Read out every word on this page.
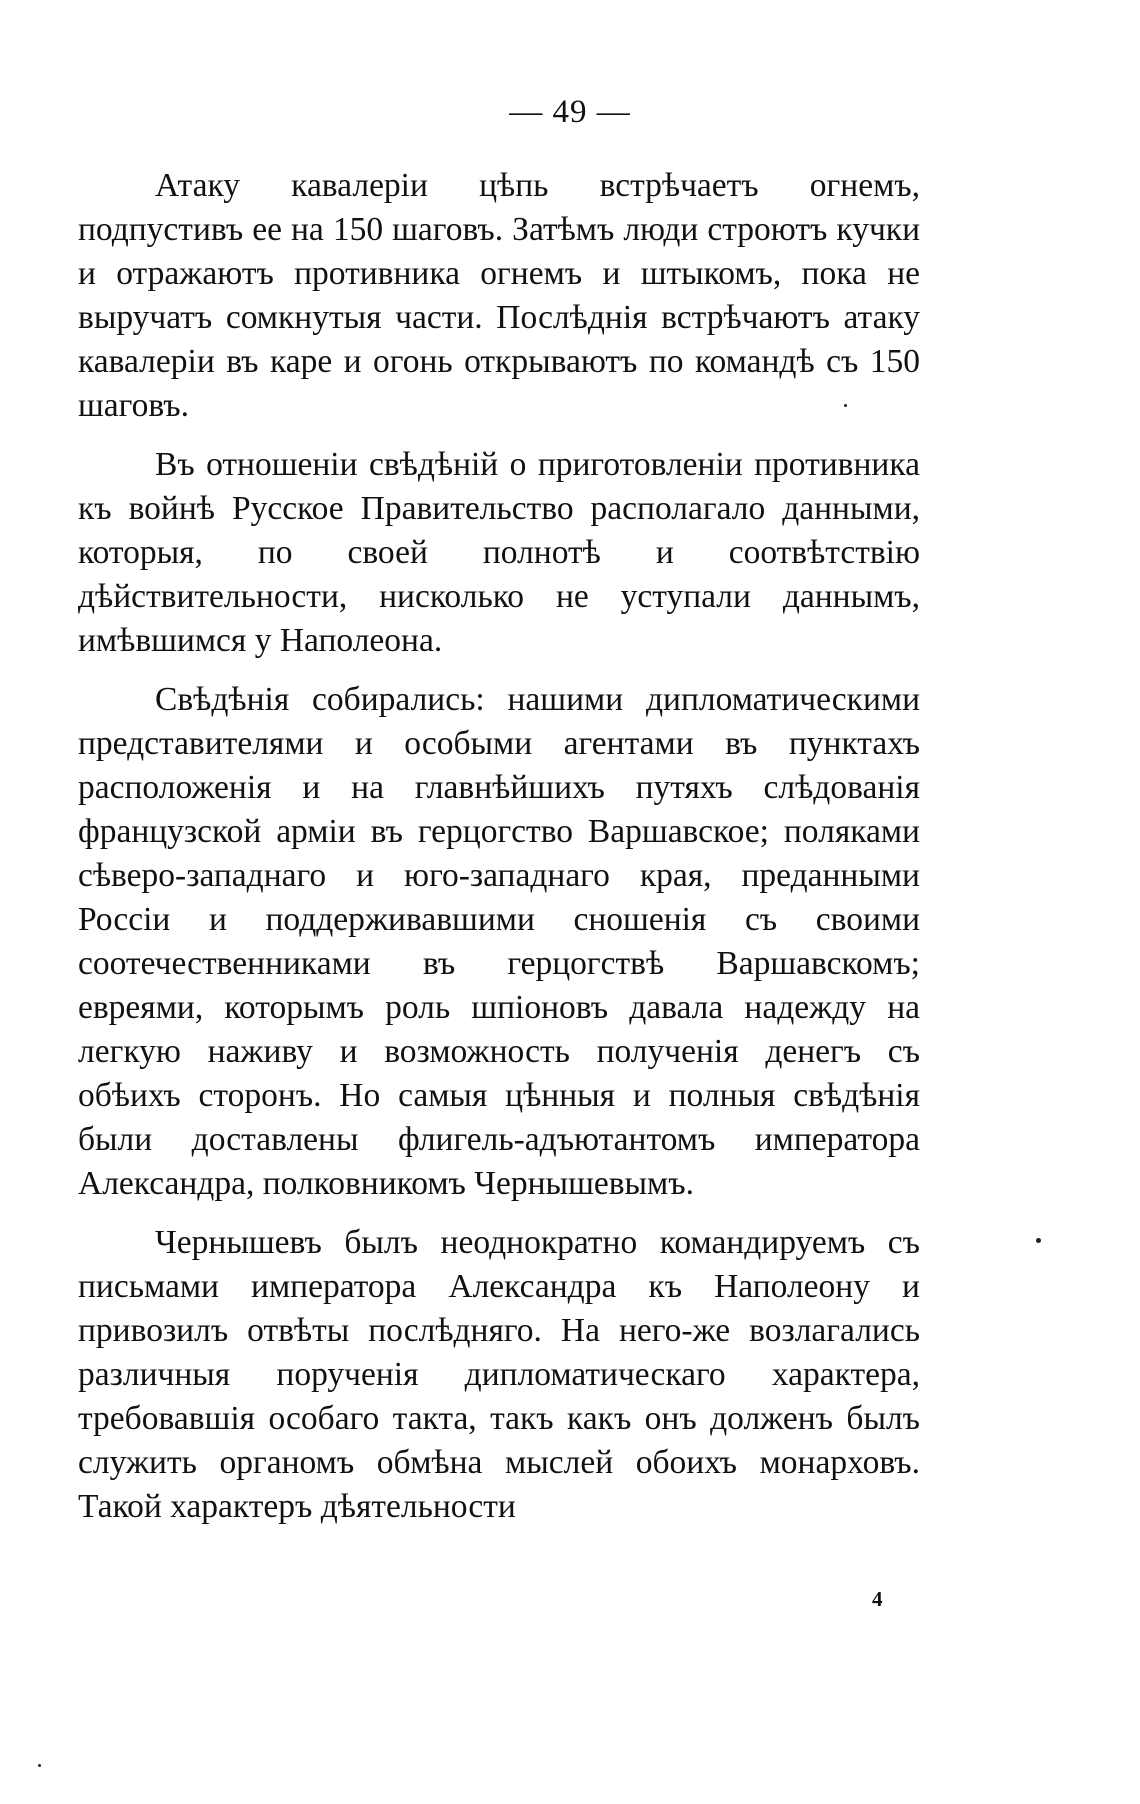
— 49 —

Атаку кавалеріи цѣпь встрѣчаетъ огнемъ, подпустивъ ее на 150 шаговъ. Затѣмъ люди строютъ кучки и отражаютъ противника огнемъ и штыкомъ, пока не выручатъ сомкнутыя части. Послѣднія встрѣчаютъ атаку кавалеріи въ каре и огонь открываютъ по командѣ съ 150 шаговъ.

Въ отношеніи свѣдѣній о приготовленіи противника къ войнѣ Русское Правительство располагало данными, которыя, по своей полнотѣ и соотвѣтствію дѣйствительности, нисколько не уступали даннымъ, имѣвшимся у Наполеона.

Свѣдѣнія собирались: нашими дипломатическими представителями и особыми агентами въ пунктахъ расположенія и на главнѣйшихъ путяхъ слѣдованія французской арміи въ герцогство Варшавское; поляками сѣверо-западнаго и юго-западнаго края, преданными Россіи и поддерживавшими сношенія съ своими соотечественниками въ герцогствѣ Варшавскомъ; евреями, которымъ роль шпіоновъ давала надежду на легкую наживу и возможность полученія денегъ съ обѣихъ сторонъ. Но самыя цѣнныя и полныя свѣдѣнія были доставлены флигель-адъютантомъ императора Александра, полковникомъ Чернышевымъ.

Чернышевъ былъ неоднократно командируемъ съ письмами императора Александра къ Наполеону и привозилъ отвѣты послѣдняго. На него-же возлагались различныя порученія дипломатическаго характера, требовавшія особаго такта, такъ какъ онъ долженъ былъ служить органомъ обмѣна мыслей обоихъ монарховъ. Такой характеръ дѣятельности

4
